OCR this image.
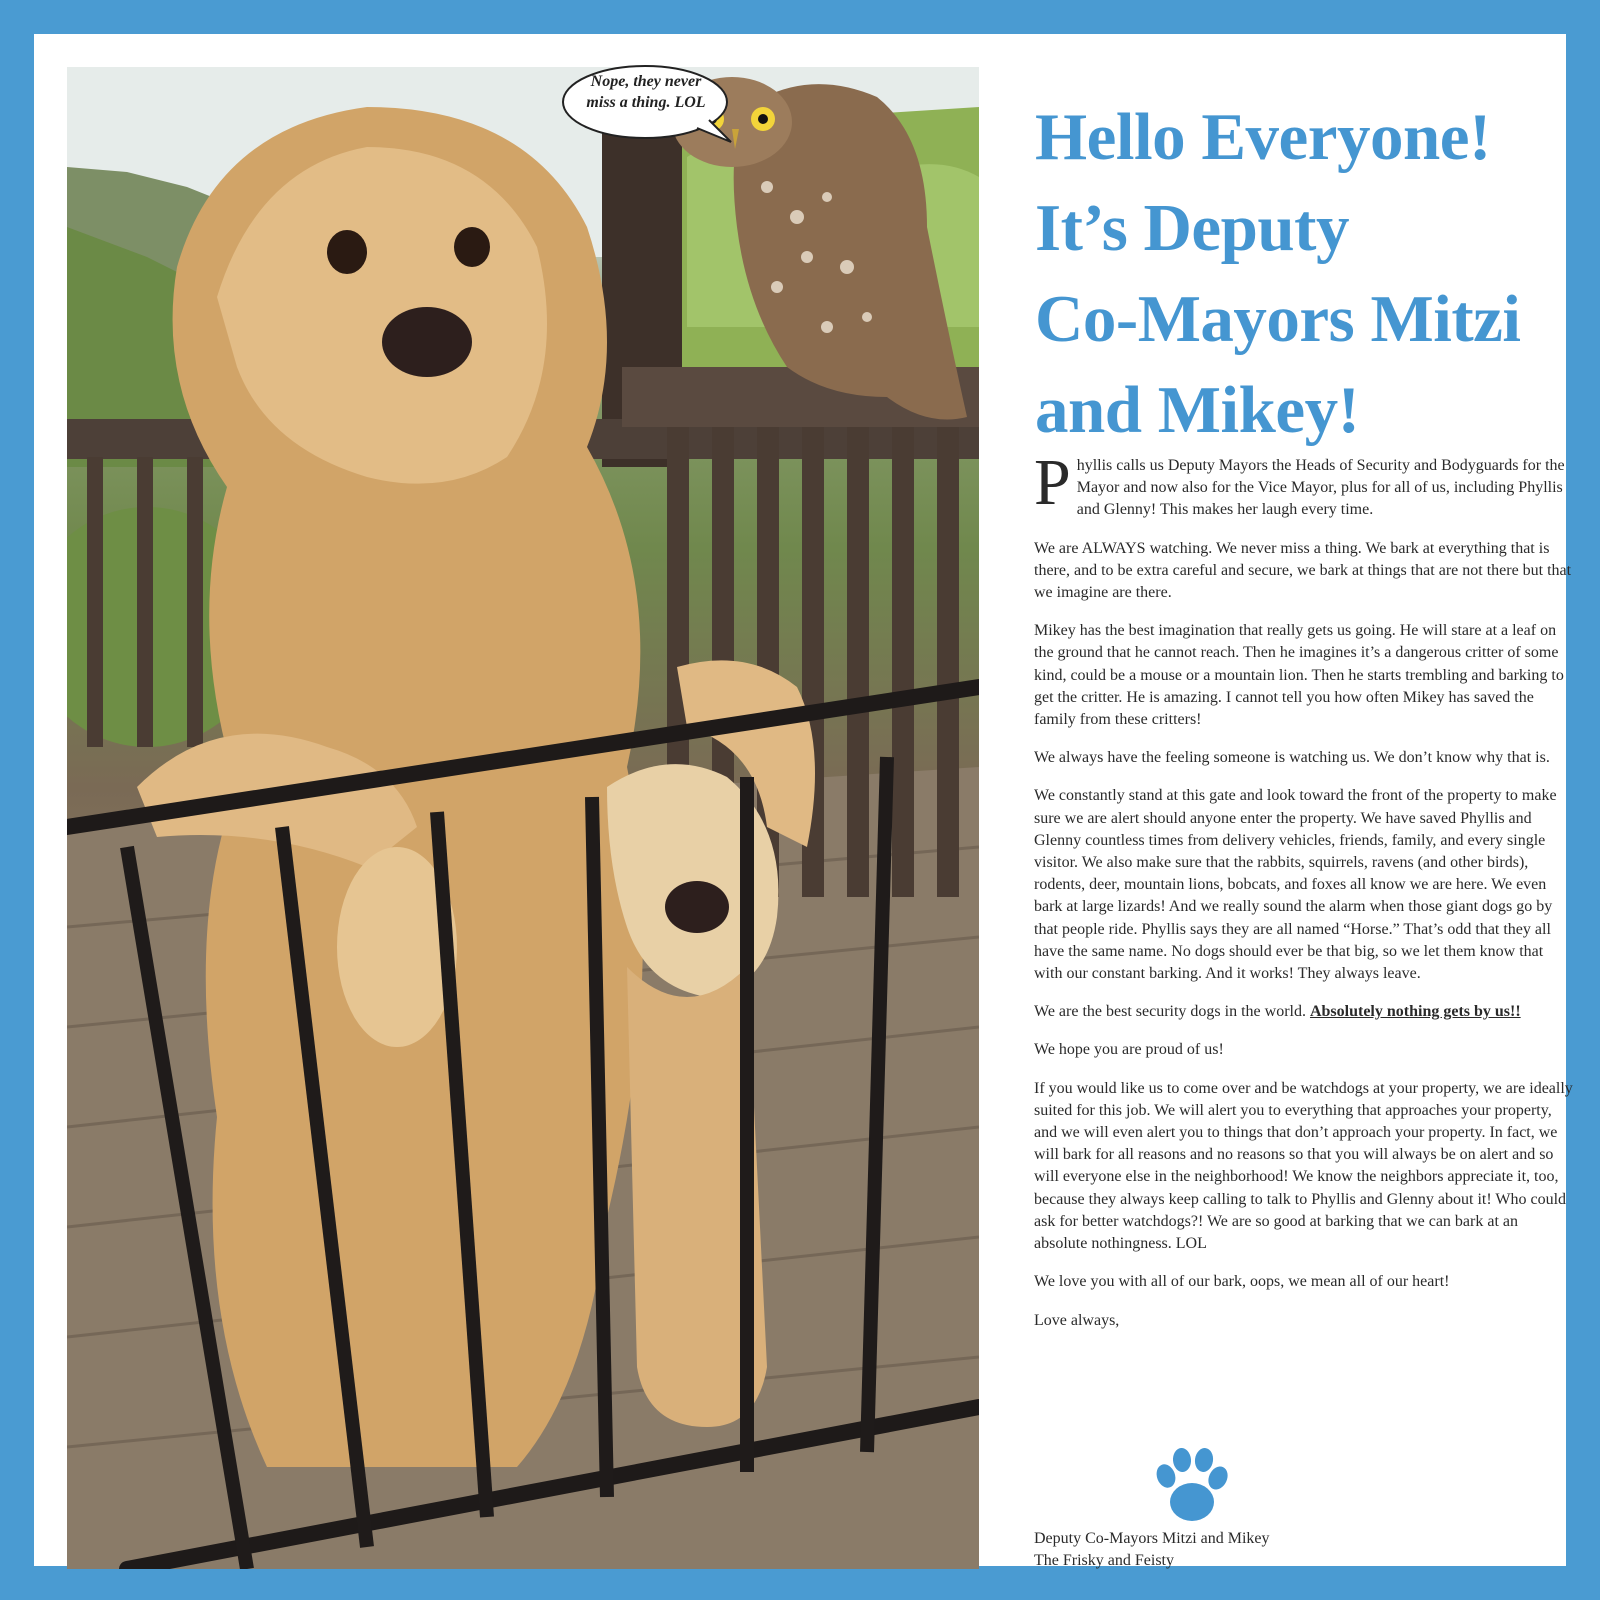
Nope, they never
miss a thing. LOL	Hello Everyone!
It’s Deputy
Co-Mayors Mitzi
and Mikey!

Phyllis calls us Deputy Mayors the Heads of Security and Bodyguards for the Mayor and now also for the Vice Mayor, plus for all of us, including Phyllis and Glenny! This makes her laugh every time.

We are ALWAYS watching. We never miss a thing. We bark at everything that is there, and to be extra careful and secure, we bark at things that are not there but that we imagine are there.

Mikey has the best imagination that really gets us going. He will stare at a leaf on the ground that he cannot reach. Then he imagines it’s a dangerous critter of some kind, could be a mouse or a mountain lion. Then he starts trembling and barking to get the critter. He is amazing. I cannot tell you how often Mikey has saved the family from these critters!

We always have the feeling someone is watching us. We don’t know why that is.

We constantly stand at this gate and look toward the front of the property to make sure we are alert should anyone enter the property. We have saved Phyllis and Glenny countless times from delivery vehicles, friends, family, and every single visitor. We also make sure that the rabbits, squirrels, ravens (and other birds), rodents, deer, mountain lions, bobcats, and foxes all know we are here. We even bark at large lizards! And we really sound the alarm when those giant dogs go by that people ride. Phyllis says they are all named “Horse.” That’s odd that they all have the same name. No dogs should ever be that big, so we let them know that with our constant barking. And it works! They always leave.

We are the best security dogs in the world. Absolutely nothing gets by us!!

We hope you are proud of us!

If you would like us to come over and be watchdogs at your property, we are ideally suited for this job. We will alert you to everything that approaches your property, and we will even alert you to things that don’t approach your property. In fact, we will bark for all reasons and no reasons so that you will always be on alert and so will everyone else in the neighborhood! We know the neighbors appreciate it, too, because they always keep calling to talk to Phyllis and Glenny about it! Who could ask for better watchdogs?! We are so good at barking that we can bark at an absolute nothingness. LOL

We love you with all of our bark, oops, we mean all of our heart!

Love always,

Deputy Co-Mayors Mitzi and Mikey
The Frisky and Feisty
